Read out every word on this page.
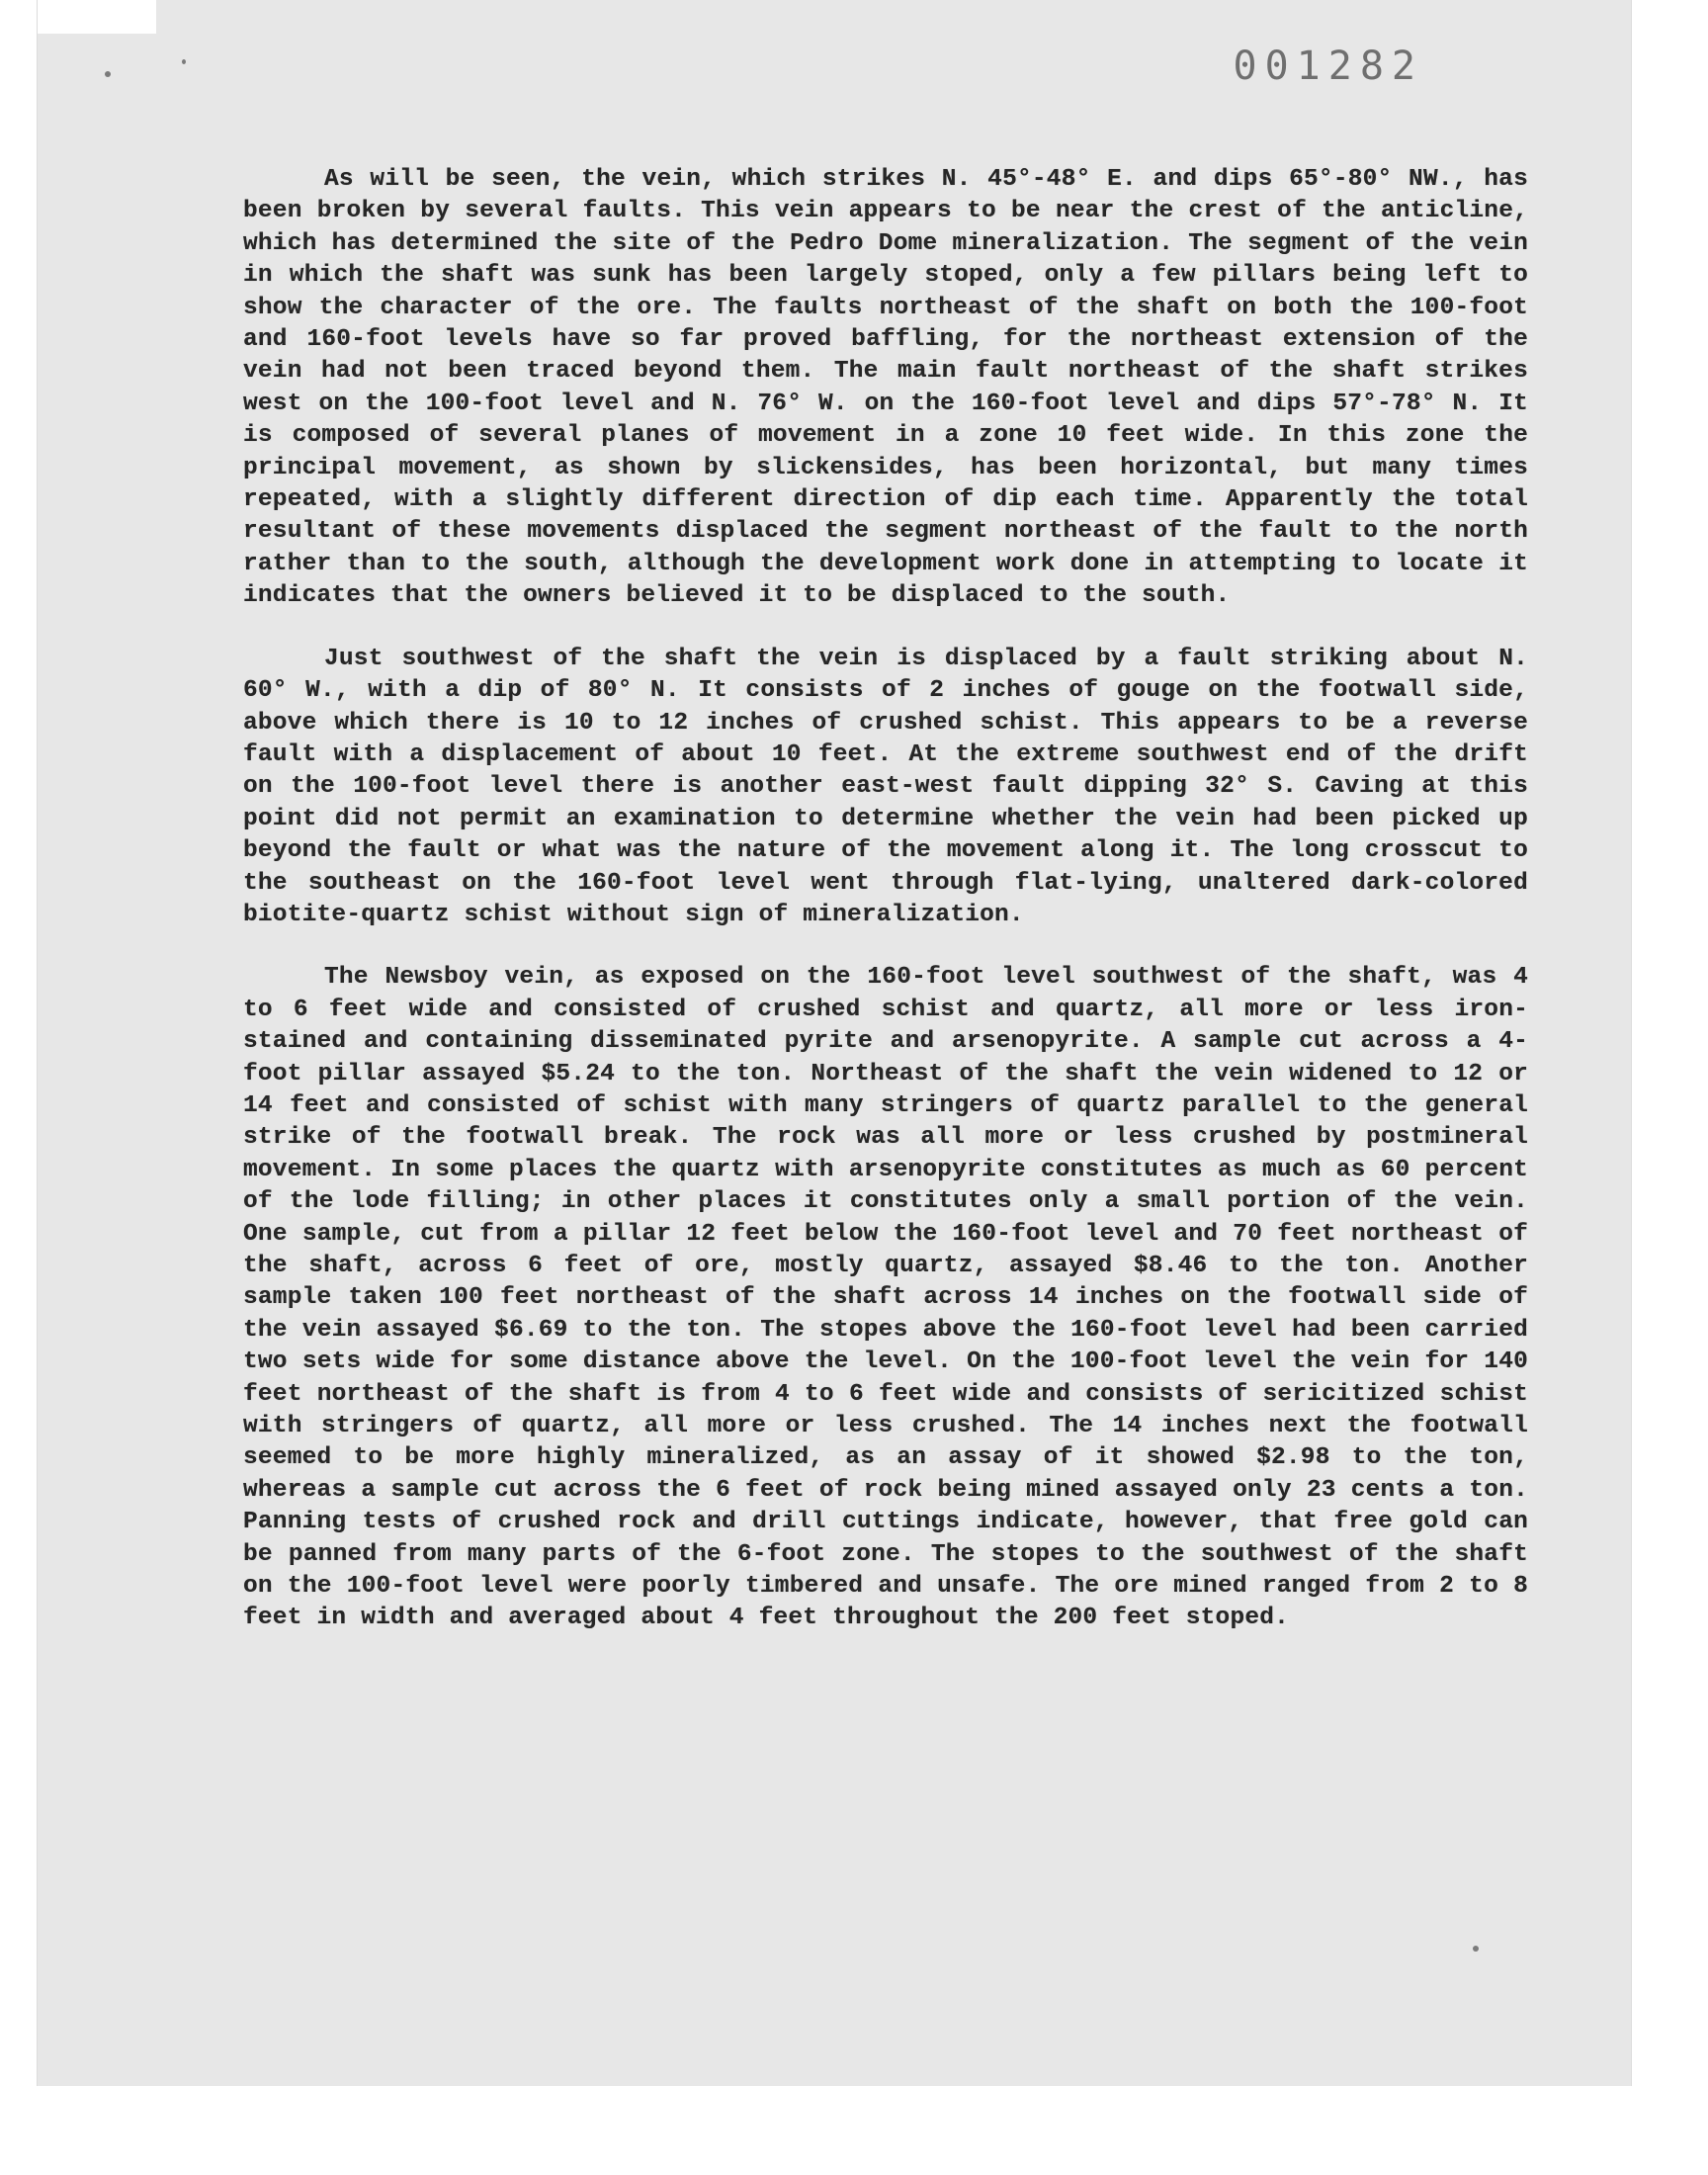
001282

As will be seen, the vein, which strikes N. 45°-48° E. and dips 65°-80° NW., has been broken by several faults. This vein appears to be near the crest of the anticline, which has determined the site of the Pedro Dome mineralization. The segment of the vein in which the shaft was sunk has been largely stoped, only a few pillars being left to show the character of the ore. The faults northeast of the shaft on both the 100-foot and 160-foot levels have so far proved baffling, for the northeast extension of the vein had not been traced beyond them. The main fault northeast of the shaft strikes west on the 100-foot level and N. 76° W. on the 160-foot level and dips 57°-78° N. It is composed of several planes of movement in a zone 10 feet wide. In this zone the principal movement, as shown by slickensides, has been horizontal, but many times repeated, with a slightly different direction of dip each time. Apparently the total resultant of these movements displaced the segment northeast of the fault to the north rather than to the south, although the development work done in attempting to locate it indicates that the owners believed it to be displaced to the south.

Just southwest of the shaft the vein is displaced by a fault striking about N. 60° W., with a dip of 80° N. It consists of 2 inches of gouge on the footwall side, above which there is 10 to 12 inches of crushed schist. This appears to be a reverse fault with a displacement of about 10 feet. At the extreme southwest end of the drift on the 100-foot level there is another east-west fault dipping 32° S. Caving at this point did not permit an examination to determine whether the vein had been picked up beyond the fault or what was the nature of the movement along it. The long crosscut to the southeast on the 160-foot level went through flat-lying, unaltered dark-colored biotite-quartz schist without sign of mineralization.

The Newsboy vein, as exposed on the 160-foot level southwest of the shaft, was 4 to 6 feet wide and consisted of crushed schist and quartz, all more or less iron-stained and containing disseminated pyrite and arsenopyrite. A sample cut across a 4-foot pillar assayed $5.24 to the ton. Northeast of the shaft the vein widened to 12 or 14 feet and consisted of schist with many stringers of quartz parallel to the general strike of the footwall break. The rock was all more or less crushed by postmineral movement. In some places the quartz with arsenopyrite constitutes as much as 60 percent of the lode filling; in other places it constitutes only a small portion of the vein. One sample, cut from a pillar 12 feet below the 160-foot level and 70 feet northeast of the shaft, across 6 feet of ore, mostly quartz, assayed $8.46 to the ton. Another sample taken 100 feet northeast of the shaft across 14 inches on the footwall side of the vein assayed $6.69 to the ton. The stopes above the 160-foot level had been carried two sets wide for some distance above the level. On the 100-foot level the vein for 140 feet northeast of the shaft is from 4 to 6 feet wide and consists of sericitized schist with stringers of quartz, all more or less crushed. The 14 inches next the footwall seemed to be more highly mineralized, as an assay of it showed $2.98 to the ton, whereas a sample cut across the 6 feet of rock being mined assayed only 23 cents a ton. Panning tests of crushed rock and drill cuttings indicate, however, that free gold can be panned from many parts of the 6-foot zone. The stopes to the southwest of the shaft on the 100-foot level were poorly timbered and unsafe. The ore mined ranged from 2 to 8 feet in width and averaged about 4 feet throughout the 200 feet stoped.
